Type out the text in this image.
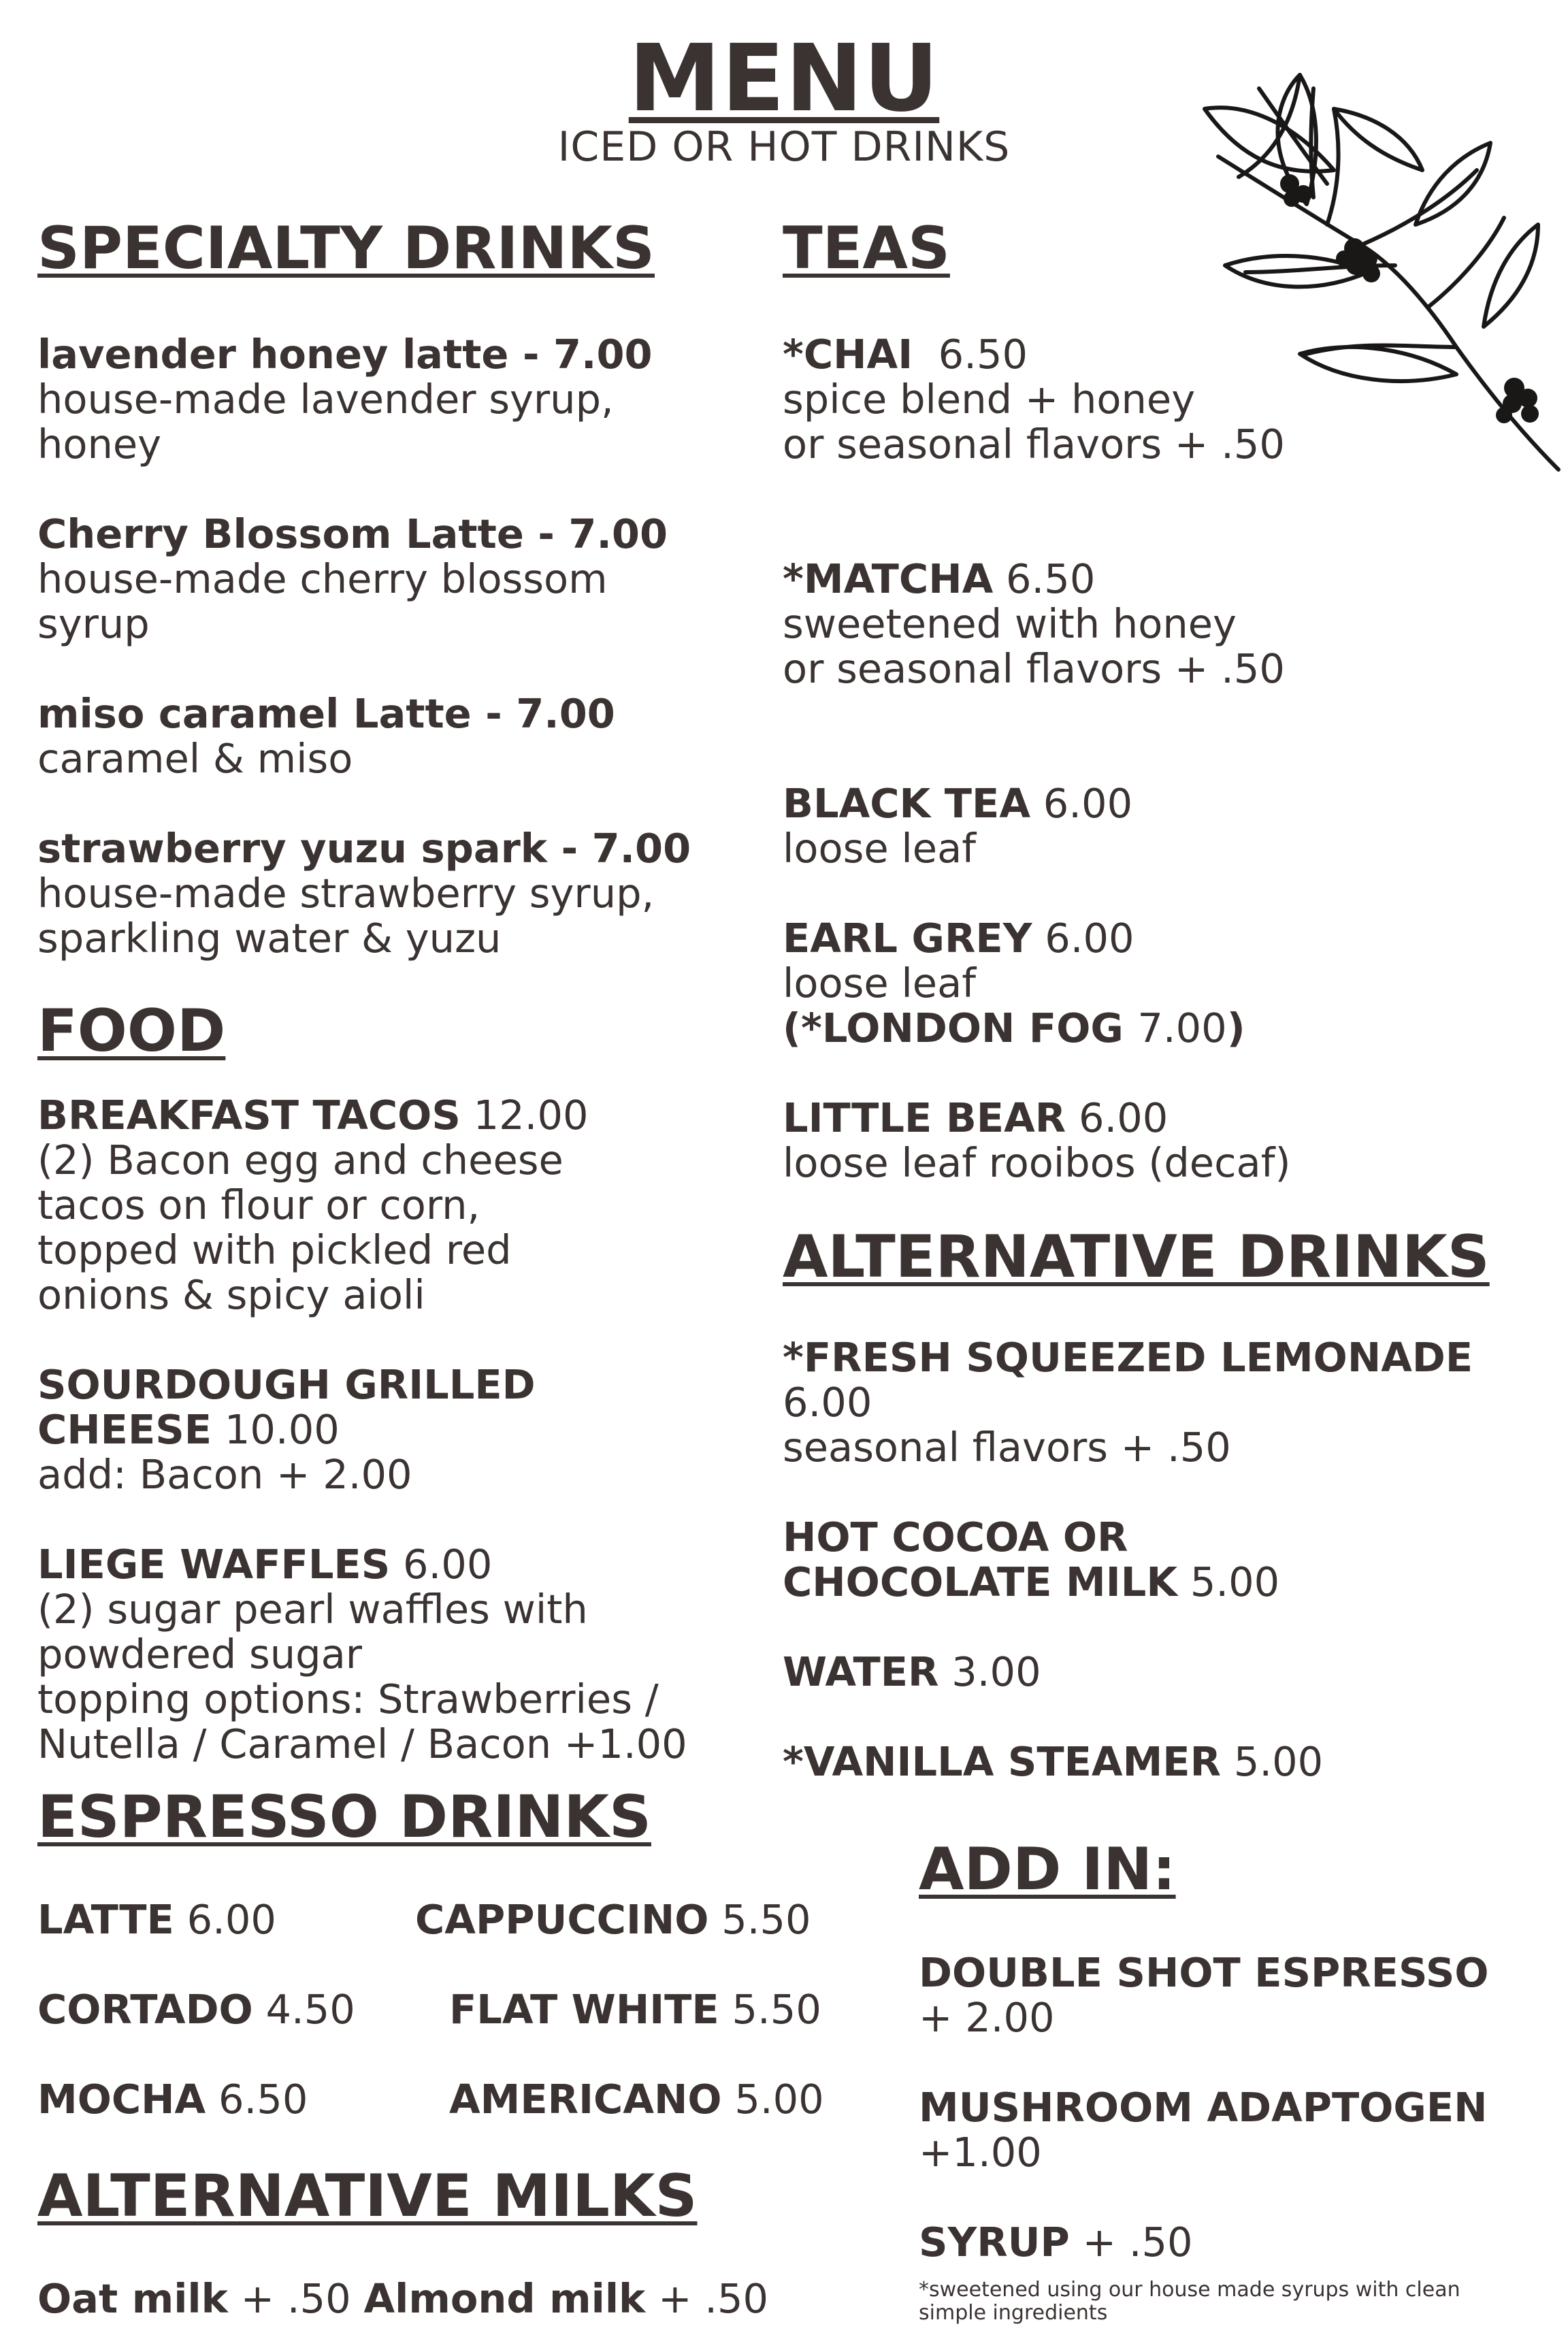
MENU
ICED OR HOT DRINKS
SPECIALTY DRINKS
lavender honey latte - 7.00
house-made lavender syrup,
honey
Cherry Blossom Latte - 7.00
house-made cherry blossom
syrup
miso caramel Latte - 7.00
caramel & miso
strawberry yuzu spark - 7.00
house-made strawberry syrup,
sparkling water & yuzu
FOOD
BREAKFAST TACOS 12.00
(2) Bacon egg and cheese
tacos on flour or corn,
topped with pickled red
onions & spicy aioli
SOURDOUGH GRILLED
CHEESE 10.00
add: Bacon + 2.00
LIEGE WAFFLES 6.00
(2) sugar pearl waffles with
powdered sugar
topping options: Strawberries /
Nutella / Caramel / Bacon +1.00
ESPRESSO DRINKS
LATTE 6.00	CAPPUCCINO 5.50
CORTADO 4.50 FLAT WHITE 5.50
MOCHA 6.50	AMERICANO 5.00
ALTERNATIVE MILKS
Oat milk + .50 Almond milk + .50
TEAS
*CHAI 6.50
spice blend + honey
or seasonal flavors + .50
*MATCHA 6.50
sweetened with honey
or seasonal flavors + .50
BLACK TEA 6.00
loose leaf
EARL GREY 6.00
loose leaf
(*LONDON FOG 7.00)
LITTLE BEAR 6.00
loose leaf rooibos (decaf)
ALTERNATIVE DRINKS
*FRESH SQUEEZED LEMONADE
6.00
seasonal flavors + .50
HOT COCOA OR
CHOCOLATE MILK 5.00
WATER 3.00
*VANILLA STEAMER 5.00
ADD IN:
DOUBLE SHOT ESPRESSO
+ 2.00
MUSHROOM ADAPTOGEN
+1.00
SYRUP + .50
*sweetened using our house made syrups with clean
simple ingredients
